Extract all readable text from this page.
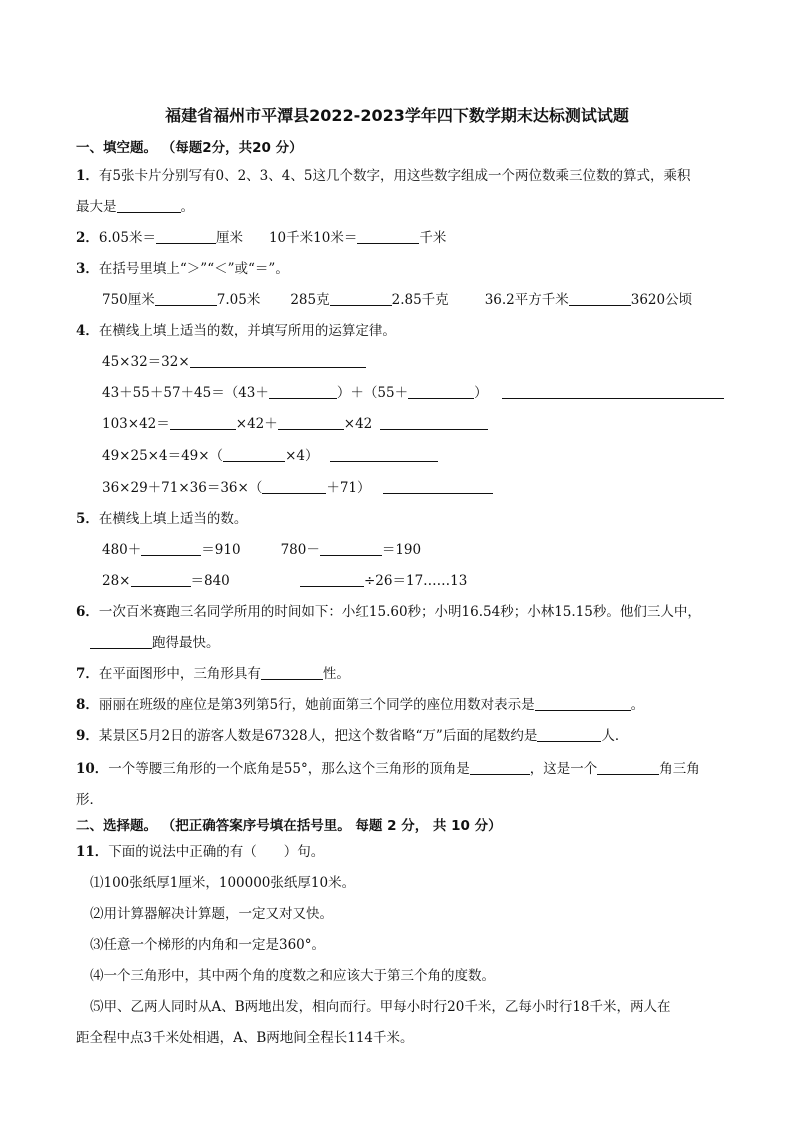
福建省福州市平潭县2022-2023学年四下数学期末达标测试试题
一、填空题。 （每题2分，共20 分）
1．有5张卡片分别写有0、2、3、4、5这几个数字，用这些数字组成一个两位数乘三位数的算式，乘积
最大是	。
2．6.05米＝	厘米 10千米10米＝	千米
3．在括号里填上“＞”“＜”或“＝”。
750厘米	7.05米 285克	2.85千克	36.2平方千米	3620公顷
4．在横线上填上适当的数，并填写所用的运算定律。
45×32＝32×
43＋55＋57＋45＝（43＋	）＋（55＋	）
103×42＝	×42＋	×42
49×25×4＝49×（	×4）
36×29＋71×36＝36×（	＋71）
5．在横线上填上适当的数。
480＋	＝910	780－	＝190
28×	＝840	÷26＝17……13
6．一次百米赛跑三名同学所用的时间如下：小红15.60秒；小明16.54秒；小林15.15秒。他们三人中，
跑得最快。
7．在平面图形中，三角形具有	性。
8．丽丽在班级的座位是第3列第5行，她前面第三个同学的座位用数对表示是	。
9．某景区5月2日的游客人数是67328人，把这个数省略“万”后面的尾数约是	人．
10．一个等腰三角形的一个底角是55°，那么这个三角形的顶角是	，这是一个	角三角
形．
二、选择题。 （把正确答案序号填在括号里。 每题 2 分， 共 10 分）
11．下面的说法中正确的有（　　）句。
⑴100张纸厚1厘米，100000张纸厚10米。
⑵用计算器解决计算题，一定又对又快。
⑶任意一个梯形的内角和一定是360°。
⑷一个三角形中，其中两个角的度数之和应该大于第三个角的度数。
⑸甲、乙两人同时从A、B两地出发，相向而行。甲每小时行20千米，乙每小时行18千米，两人在
距全程中点3千米处相遇，A、B两地间全程长114千米。
